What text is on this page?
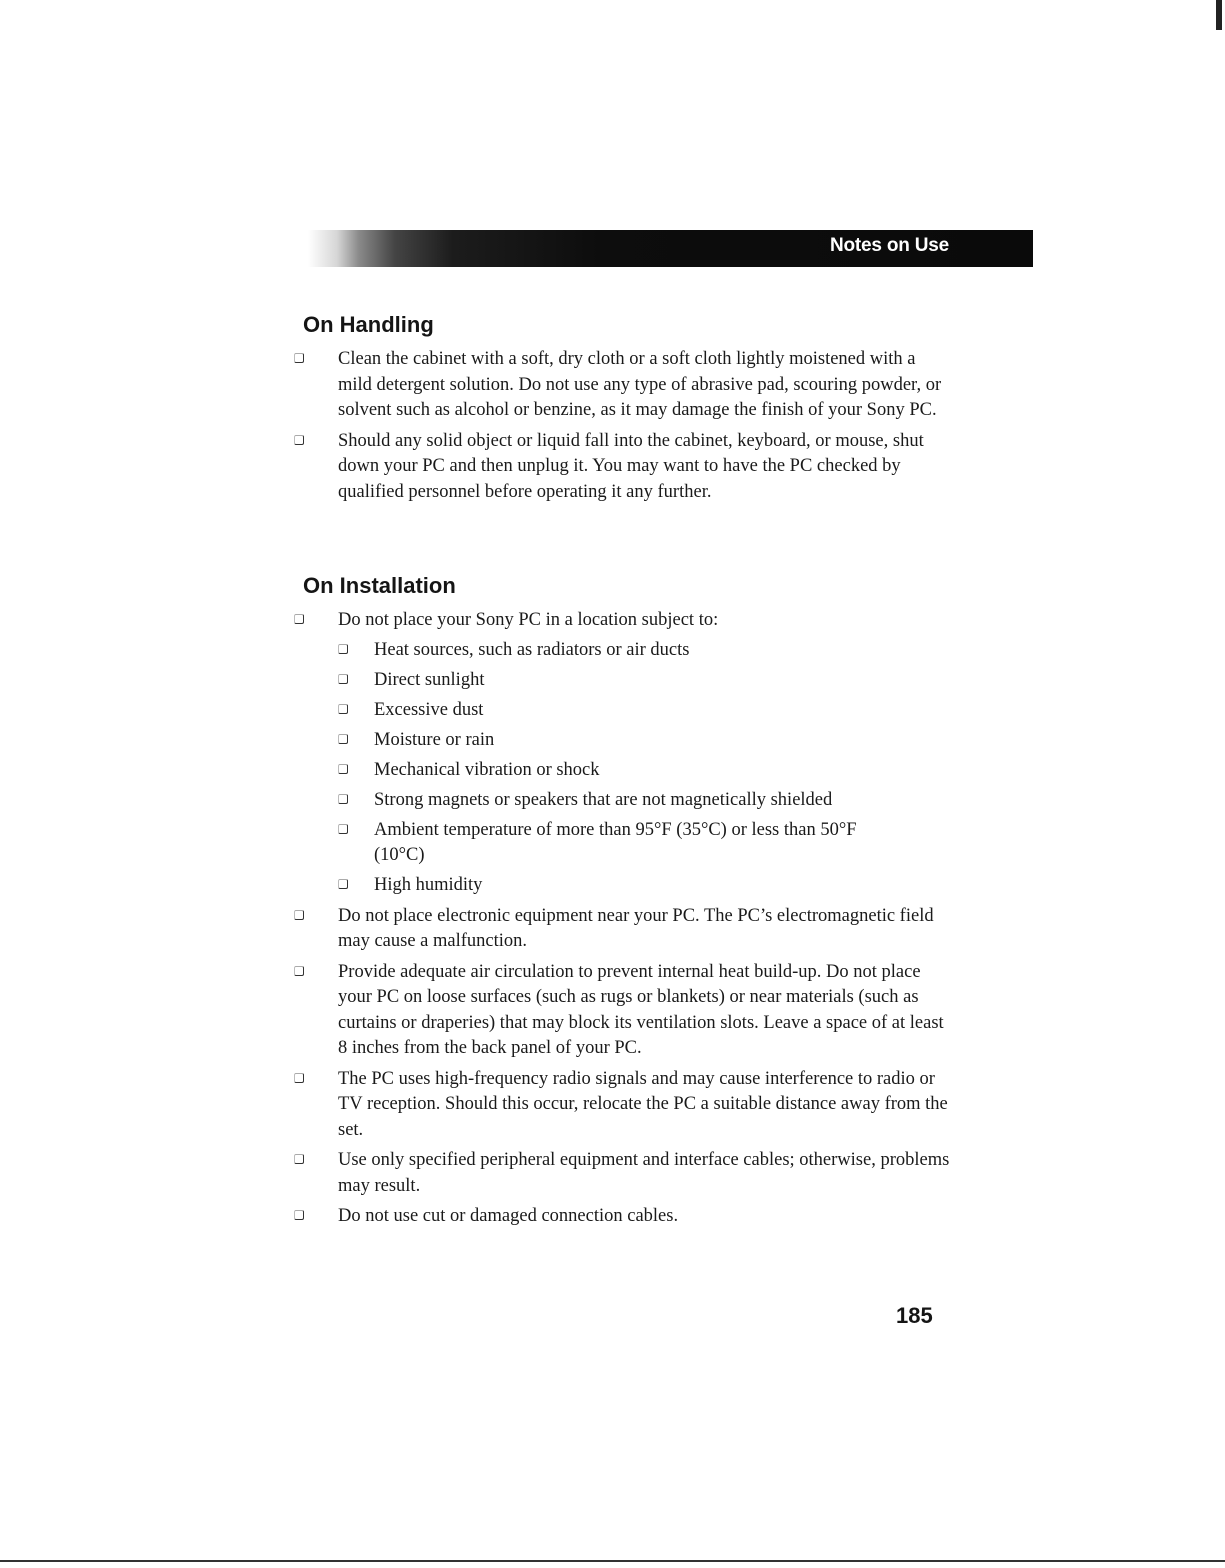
Notes on Use
On Handling
Clean the cabinet with a soft, dry cloth or a soft cloth lightly moistened with a mild detergent solution. Do not use any type of abrasive pad, scouring powder, or solvent such as alcohol or benzine, as it may damage the finish of your Sony PC.
Should any solid object or liquid fall into the cabinet, keyboard, or mouse, shut down your PC and then unplug it. You may want to have the PC checked by qualified personnel before operating it any further.
On Installation
Do not place your Sony PC in a location subject to:
Heat sources, such as radiators or air ducts
Direct sunlight
Excessive dust
Moisture or rain
Mechanical vibration or shock
Strong magnets or speakers that are not magnetically shielded
Ambient temperature of more than 95°F (35°C) or less than 50°F (10°C)
High humidity
Do not place electronic equipment near your PC. The PC’s electromagnetic field may cause a malfunction.
Provide adequate air circulation to prevent internal heat build-up. Do not place your PC on loose surfaces (such as rugs or blankets) or near materials (such as curtains or draperies) that may block its ventilation slots. Leave a space of at least 8 inches from the back panel of your PC.
The PC uses high-frequency radio signals and may cause interference to radio or TV reception. Should this occur, relocate the PC a suitable distance away from the set.
Use only specified peripheral equipment and interface cables; otherwise, problems may result.
Do not use cut or damaged connection cables.
185
